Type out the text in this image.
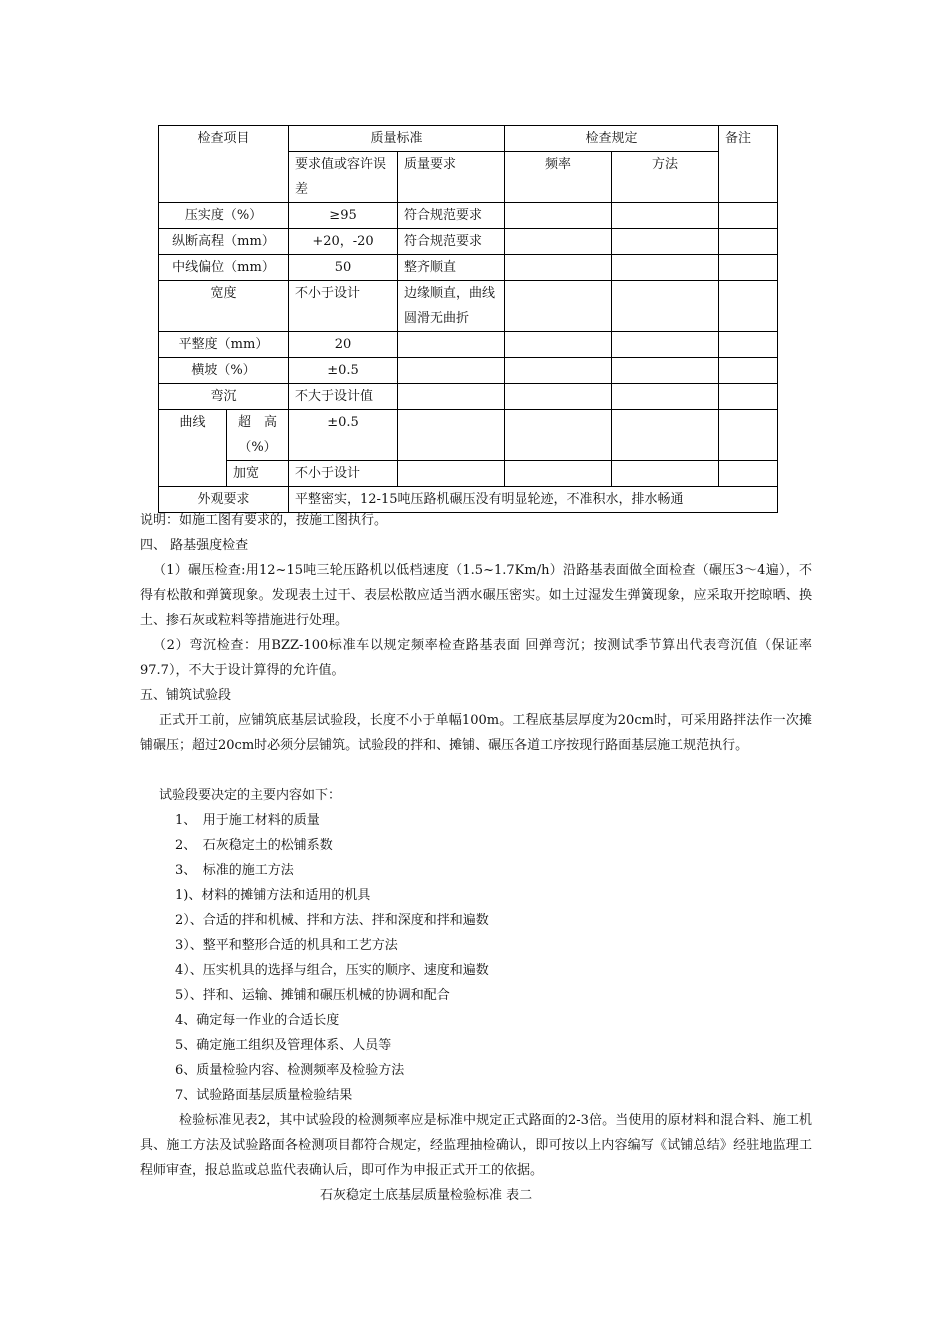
检查项目		质量标准		检查规定		备注
		要求值或容许误差	质量要求	频率	方法	
压实度（%）		≥95	符合规范要求			
纵断高程（mm）		+20，-20	符合规范要求			
中线偏位（mm）		50	整齐顺直			
宽度		不小于设计	边缘顺直，曲线圆滑无曲折			
平整度（mm）		20				
横坡（%）		±0.5				
弯沉		不大于设计值				
曲线	超　高（%）	±0.5				
	加宽	不小于设计				
外观要求		平整密实，12-15吨压路机碾压没有明显轮迹，不准积水，排水畅通				
说明：如施工图有要求的，按施工图执行。
四、 路基强度检查
（1）碾压检查:用12~15吨三轮压路机以低档速度（1.5~1.7Km/h）沿路基表面做全面检查（碾压3～4遍），不得有松散和弹簧现象。发现表土过干、表层松散应适当洒水碾压密实。如土过湿发生弹簧现象，应采取开挖晾晒、换土、掺石灰或粒料等措施进行处理。
（2）弯沉检查：用BZZ-100标准车以规定频率检查路基表面 回弹弯沉；按测试季节算出代表弯沉值（保证率97.7），不大于设计算得的允许值。
五、铺筑试验段
正式开工前，应铺筑底基层试验段，长度不小于单幅100m。工程底基层厚度为20cm时，可采用路拌法作一次摊铺碾压；超过20cm时必须分层铺筑。试验段的拌和、摊铺、碾压各道工序按现行路面基层施工规范执行。
试验段要决定的主要内容如下：
1、　用于施工材料的质量
2、　石灰稳定土的松铺系数
3、　标准的施工方法
1)、材料的摊铺方法和适用的机具
2）、合适的拌和机械、拌和方法、拌和深度和拌和遍数
3）、整平和整形合适的机具和工艺方法
4）、压实机具的选择与组合，压实的顺序、速度和遍数
5）、拌和、运输、摊铺和碾压机械的协调和配合
4、确定每一作业的合适长度
5、确定施工组织及管理体系、人员等
6、质量检验内容、检测频率及检验方法
7、试验路面基层质量检验结果
检验标准见表2，其中试验段的检测频率应是标准中规定正式路面的2-3倍。当使用的原材料和混合料、施工机具、施工方法及试验路面各检测项目都符合规定，经监理抽检确认，即可按以上内容编写《试铺总结》经驻地监理工程师审查，报总监或总监代表确认后，即可作为申报正式开工的依据。
石灰稳定土底基层质量检验标准 表二
